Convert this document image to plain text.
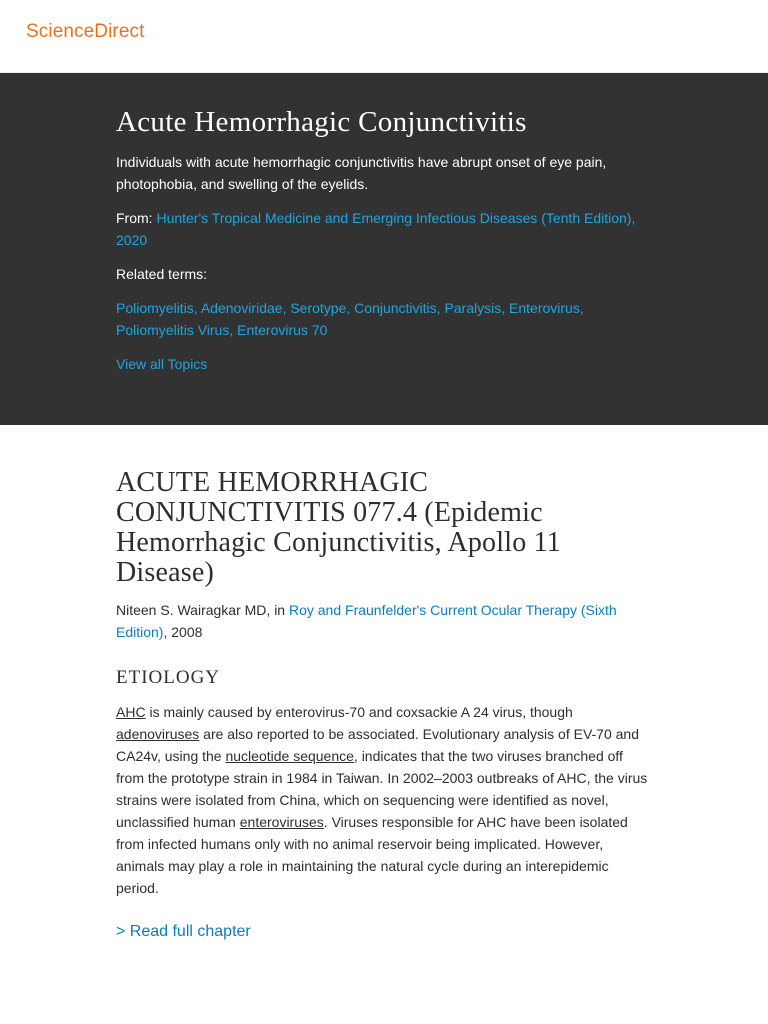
ScienceDirect
Acute Hemorrhagic Conjunctivitis

Individuals with acute hemorrhagic conjunctivitis have abrupt onset of eye pain, photophobia, and swelling of the eyelids.

From: Hunter's Tropical Medicine and Emerging Infectious Diseases (Tenth Edition), 2020

Related terms:

Poliomyelitis, Adenoviridae, Serotype, Conjunctivitis, Paralysis, Enterovirus, Poliomyelitis Virus, Enterovirus 70

View all Topics

ACUTE HEMORRHAGIC CONJUNCTIVITIS 077.4 (Epidemic Hemorrhagic Conjunctivitis, Apollo 11 Disease)

Niteen S. Wairagkar MD, in Roy and Fraunfelder's Current Ocular Therapy (Sixth Edition), 2008

ETIOLOGY

AHC is mainly caused by enterovirus-70 and coxsackie A 24 virus, though adenoviruses are also reported to be associated. Evolutionary analysis of EV-70 and CA24v, using the nucleotide sequence, indicates that the two viruses branched off from the prototype strain in 1984 in Taiwan. In 2002–2003 outbreaks of AHC, the virus strains were isolated from China, which on sequencing were identified as novel, unclassified human enteroviruses. Viruses responsible for AHC have been isolated from infected humans only with no animal reservoir being implicated. However, animals may play a role in maintaining the natural cycle during an interepidemic period.

> Read full chapter
